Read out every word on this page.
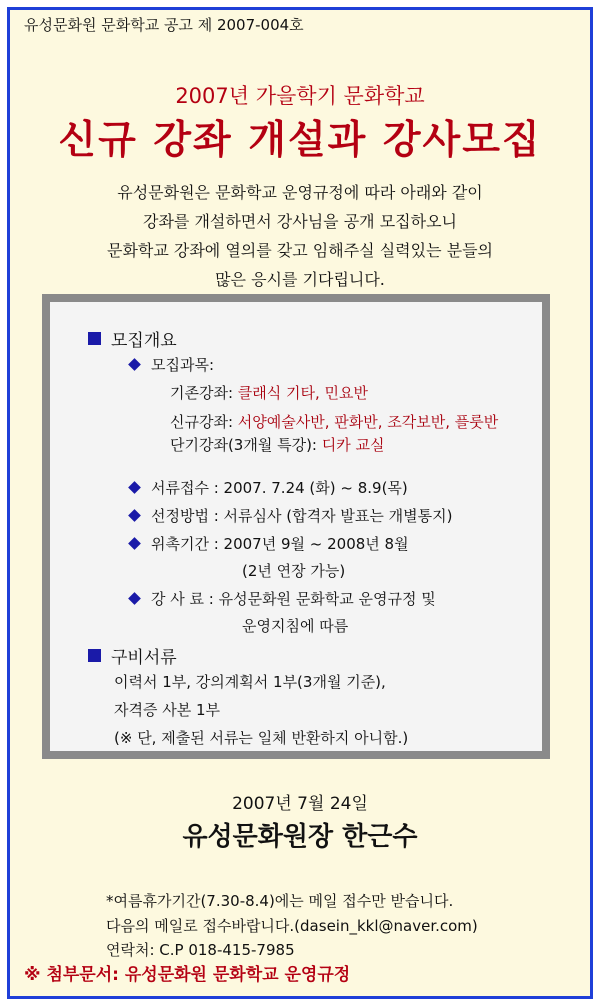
유성문화원 문화학교 공고 제 2007-004호
2007년 가을학기 문화학교
신규 강좌 개설과 강사모집
유성문화원은 문화학교 운영규정에 따라 아래와 같이
강좌를 개설하면서 강사님을 공개 모집하오니
문화학교 강좌에 열의를 갖고 임해주실 실력있는 분들의
많은 응시를 기다립니다.
모집개요
모집과목:
기존강좌: 클래식 기타, 민요반
신규강좌: 서양예술사반, 판화반, 조각보반, 플룻반
단기강좌(3개월 특강): 디카 교실
서류접수 : 2007. 7.24 (화) ~ 8.9(목)
선정방법 : 서류심사 (합격자 발표는 개별통지)
위촉기간 : 2007년 9월 ~ 2008년 8월
(2년 연장 가능)
강 사 료 : 유성문화원 문화학교 운영규정 및
운영지침에 따름
구비서류
이력서 1부, 강의계획서 1부(3개월 기준),
자격증 사본 1부
(※ 단, 제출된 서류는 일체 반환하지 아니함.)
2007년 7월 24일
유성문화원장 한근수
*여름휴가기간(7.30-8.4)에는 메일 접수만 받습니다.
다음의 메일로 접수바랍니다.(dasein_kkl@naver.com)
연락처: C.P 018-415-7985
※ 첨부문서: 유성문화원 문화학교 운영규정
